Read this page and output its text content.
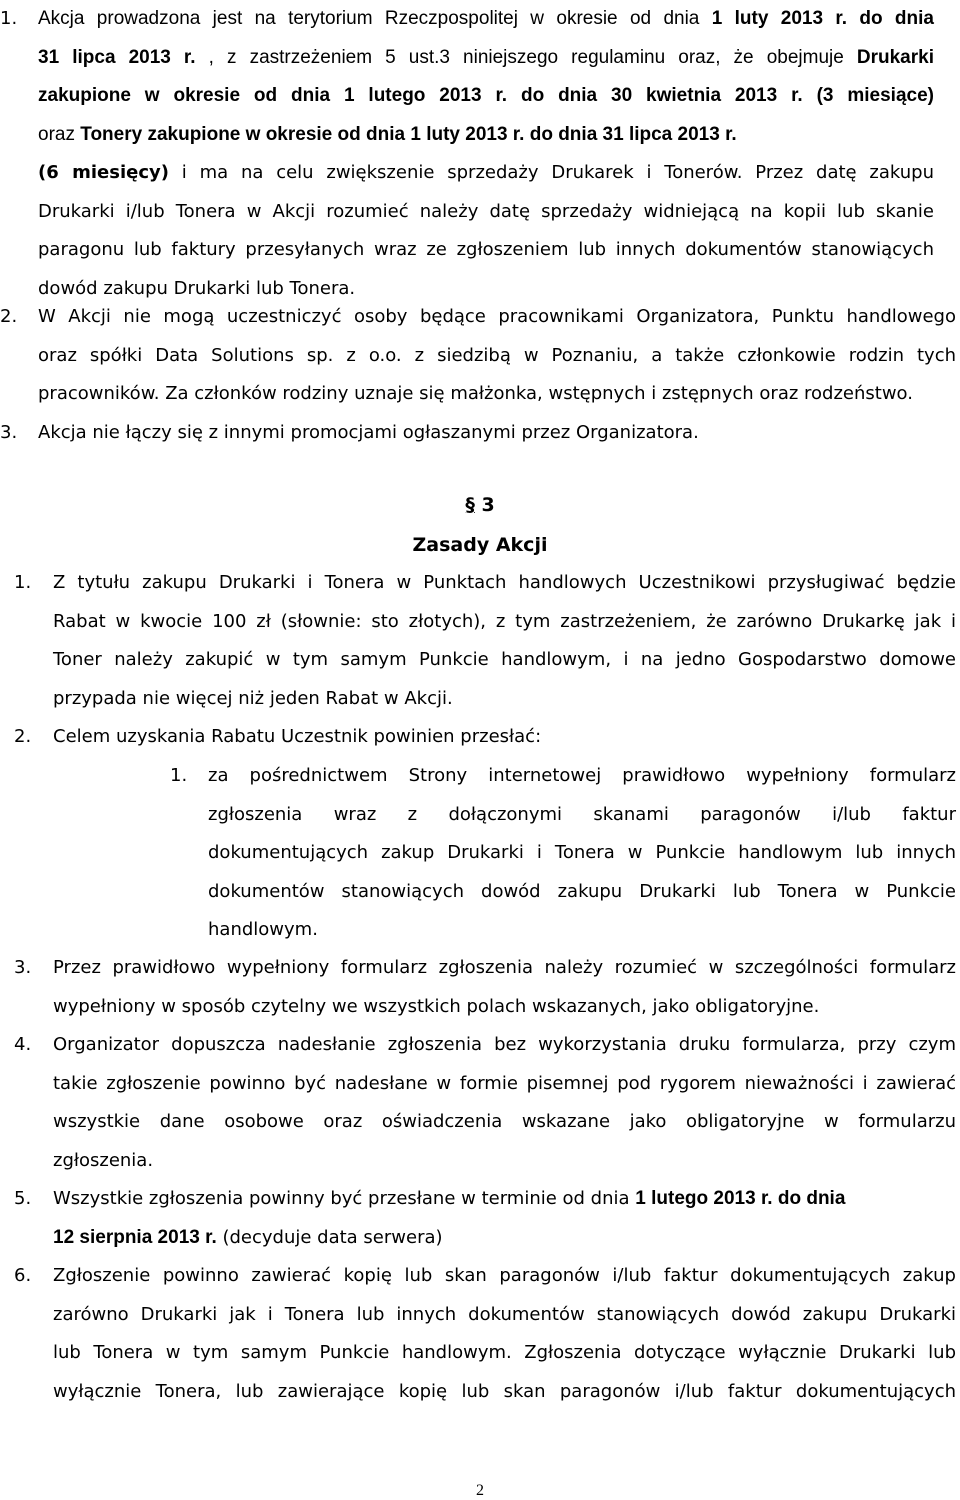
1.	Akcja prowadzona jest na terytorium Rzeczpospolitej w okresie od dnia 1 luty 2013 r. do dnia
31 lipca 2013 r. , z zastrzeżeniem 5 ust.3 niniejszego regulaminu oraz, że obejmuje Drukarki
zakupione w okresie od dnia 1 lutego 2013 r. do dnia 30 kwietnia 2013 r. (3 miesiące)
oraz Tonery zakupione w okresie od dnia 1 luty 2013 r. do dnia 31 lipca 2013 r.
(6 miesięcy) i ma na celu zwiększenie sprzedaży Drukarek i Tonerów. Przez datę zakupu
Drukarki i/lub Tonera w Akcji rozumieć należy datę sprzedaży widniejącą na kopii lub skanie
paragonu lub faktury przesyłanych wraz ze zgłoszeniem lub innych dokumentów stanowiących
dowód zakupu Drukarki lub Tonera.
2.	W Akcji nie mogą uczestniczyć osoby będące pracownikami Organizatora, Punktu handlowego
oraz spółki Data Solutions sp. z o.o. z siedzibą w Poznaniu, a także członkowie rodzin tych
pracowników. Za członków rodziny uznaje się małżonka, wstępnych i zstępnych oraz rodzeństwo.
3.	Akcja nie łączy się z innymi promocjami ogłaszanymi przez Organizatora.
§ 3
Zasady Akcji
1.	Z tytułu zakupu Drukarki i Tonera w Punktach handlowych Uczestnikowi przysługiwać będzie
Rabat w kwocie 100 zł (słownie: sto złotych), z tym zastrzeżeniem, że zarówno Drukarkę jak i
Toner należy zakupić w tym samym Punkcie handlowym, i na jedno Gospodarstwo domowe
przypada nie więcej niż jeden Rabat w Akcji.
2.	Celem uzyskania Rabatu Uczestnik powinien przesłać:
1.	za pośrednictwem Strony internetowej prawidłowo wypełniony formularz
zgłoszenia wraz z dołączonymi skanami paragonów i/lub faktur
dokumentujących zakup Drukarki i Tonera w Punkcie handlowym lub innych
dokumentów stanowiących dowód zakupu Drukarki lub Tonera w Punkcie
handlowym.
3.	Przez prawidłowo wypełniony formularz zgłoszenia należy rozumieć w szczególności formularz
wypełniony w sposób czytelny we wszystkich polach wskazanych, jako obligatoryjne.
4.	Organizator dopuszcza nadesłanie zgłoszenia bez wykorzystania druku formularza, przy czym
takie zgłoszenie powinno być nadesłane w formie pisemnej pod rygorem nieważności i zawierać
wszystkie dane osobowe oraz oświadczenia wskazane jako obligatoryjne w formularzu
zgłoszenia.
5.	Wszystkie zgłoszenia powinny być przesłane w terminie od dnia 1 lutego 2013 r. do dnia
12 sierpnia 2013 r. (decyduje data serwera)
6.	Zgłoszenie powinno zawierać kopię lub skan paragonów i/lub faktur dokumentujących zakup
zarówno Drukarki jak i Tonera lub innych dokumentów stanowiących dowód zakupu Drukarki
lub Tonera w tym samym Punkcie handlowym. Zgłoszenia dotyczące wyłącznie Drukarki lub
wyłącznie Tonera, lub zawierające kopię lub skan paragonów i/lub faktur dokumentujących
2
